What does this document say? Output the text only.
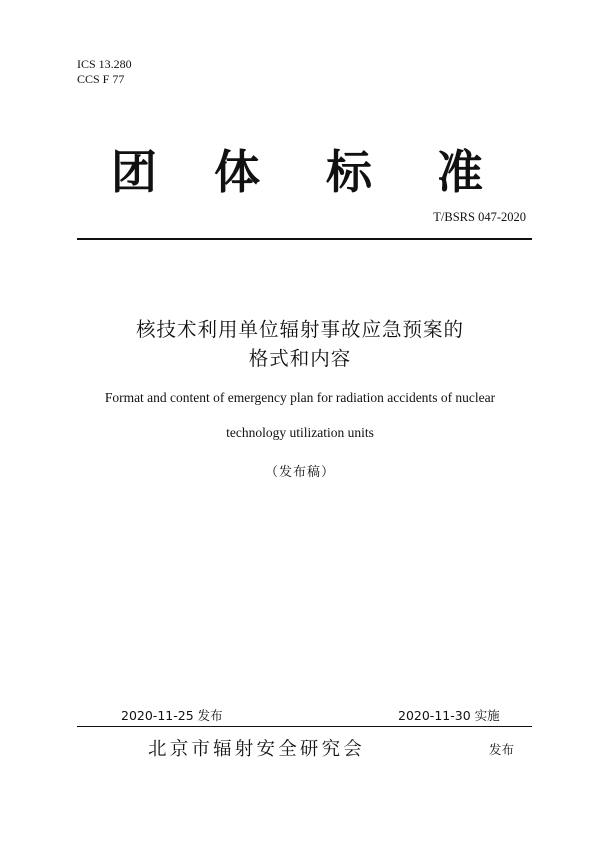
ICS 13.280
CCS F 77
团 体 标 准
T/BSRS 047-2020
核技术利用单位辐射事故应急预案的
格式和内容
Format and content of emergency plan for radiation accidents of nuclear
technology utilization units
（发布稿）
2020-11-25 发布	2020-11-30 实施
北京市辐射安全研究会	发布
